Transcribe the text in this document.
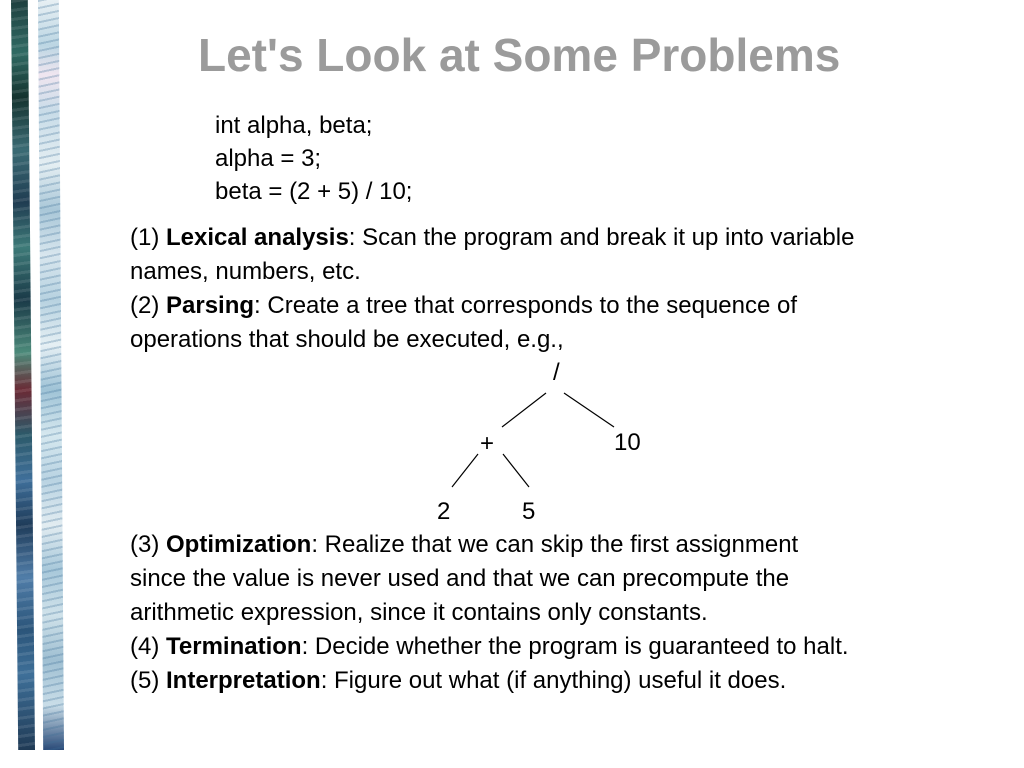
Let's Look at Some Problems
int alpha, beta;
alpha = 3;
beta = (2 + 5) / 10;
(1) Lexical analysis: Scan the program and break it up into variable
names, numbers, etc.
(2) Parsing: Create a tree that corresponds to the sequence of
operations that should be executed, e.g.,
/
+	10
2	5
(3) Optimization: Realize that we can skip the first assignment
since the value is never used and that we can precompute the
arithmetic expression, since it contains only constants.
(4) Termination: Decide whether the program is guaranteed to halt.
(5) Interpretation: Figure out what (if anything) useful it does.
